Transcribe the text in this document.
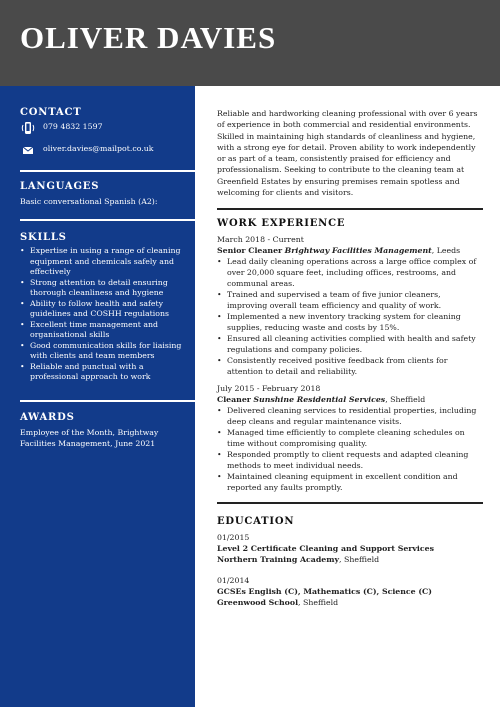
OLIVER DAVIES
CONTACT
079 4832 1597
oliver.davies@mailpot.co.uk
LANGUAGES
Basic conversational Spanish (A2):
SKILLS
• Expertise in using a range of cleaning equipment and chemicals safely and effectively
• Strong attention to detail ensuring thorough cleanliness and hygiene
• Ability to follow health and safety guidelines and COSHH regulations
• Excellent time management and organisational skills
• Good communication skills for liaising with clients and team members
• Reliable and punctual with a professional approach to work
AWARDS
Employee of the Month, Brightway Facilities Management, June 2021
Reliable and hardworking cleaning professional with over 6 years of experience in both commercial and residential environments. Skilled in maintaining high standards of cleanliness and hygiene, with a strong eye for detail. Proven ability to work independently or as part of a team, consistently praised for efficiency and professionalism. Seeking to contribute to the cleaning team at Greenfield Estates by ensuring premises remain spotless and welcoming for clients and visitors.
WORK EXPERIENCE
March 2018 - Current
Senior Cleaner Brightway Facilities Management, Leeds
• Lead daily cleaning operations across a large office complex of over 20,000 square feet, including offices, restrooms, and communal areas.
• Trained and supervised a team of five junior cleaners, improving overall team efficiency and quality of work.
• Implemented a new inventory tracking system for cleaning supplies, reducing waste and costs by 15%.
• Ensured all cleaning activities complied with health and safety regulations and company policies.
• Consistently received positive feedback from clients for attention to detail and reliability.
July 2015 - February 2018
Cleaner Sunshine Residential Services, Sheffield
• Delivered cleaning services to residential properties, including deep cleans and regular maintenance visits.
• Managed time efficiently to complete cleaning schedules on time without compromising quality.
• Responded promptly to client requests and adapted cleaning methods to meet individual needs.
• Maintained cleaning equipment in excellent condition and reported any faults promptly.
EDUCATION
01/2015
Level 2 Certificate Cleaning and Support Services
Northern Training Academy, Sheffield
01/2014
GCSEs English (C), Mathematics (C), Science (C)
Greenwood School, Sheffield
